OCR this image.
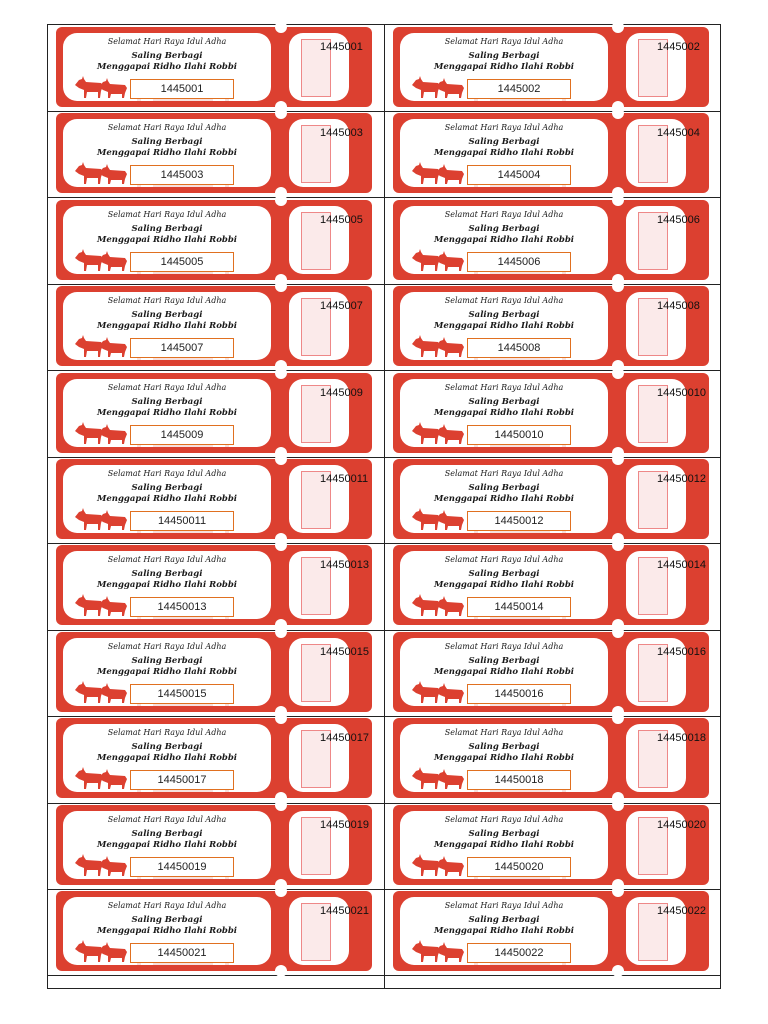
Selamat Hari Raya Idul Adha
Saling Berbagi
Menggapai Ridho Ilahi Robbi
1445001
1445001	Selamat Hari Raya Idul Adha
Saling Berbagi
Menggapai Ridho Ilahi Robbi
1445002
1445002
Selamat Hari Raya Idul Adha
Saling Berbagi
Menggapai Ridho Ilahi Robbi
1445003
1445003	Selamat Hari Raya Idul Adha
Saling Berbagi
Menggapai Ridho Ilahi Robbi
1445004
1445004
Selamat Hari Raya Idul Adha
Saling Berbagi
Menggapai Ridho Ilahi Robbi
1445005
1445005	Selamat Hari Raya Idul Adha
Saling Berbagi
Menggapai Ridho Ilahi Robbi
1445006
1445006
Selamat Hari Raya Idul Adha
Saling Berbagi
Menggapai Ridho Ilahi Robbi
1445007
1445007	Selamat Hari Raya Idul Adha
Saling Berbagi
Menggapai Ridho Ilahi Robbi
1445008
1445008
Selamat Hari Raya Idul Adha
Saling Berbagi
Menggapai Ridho Ilahi Robbi
1445009
1445009	Selamat Hari Raya Idul Adha
Saling Berbagi
Menggapai Ridho Ilahi Robbi
14450010
14450010
Selamat Hari Raya Idul Adha
Saling Berbagi
Menggapai Ridho Ilahi Robbi
14450011
14450011	Selamat Hari Raya Idul Adha
Saling Berbagi
Menggapai Ridho Ilahi Robbi
14450012
14450012
Selamat Hari Raya Idul Adha
Saling Berbagi
Menggapai Ridho Ilahi Robbi
14450013
14450013	Selamat Hari Raya Idul Adha
Saling Berbagi
Menggapai Ridho Ilahi Robbi
14450014
14450014
Selamat Hari Raya Idul Adha
Saling Berbagi
Menggapai Ridho Ilahi Robbi
14450015
14450015	Selamat Hari Raya Idul Adha
Saling Berbagi
Menggapai Ridho Ilahi Robbi
14450016
14450016
Selamat Hari Raya Idul Adha
Saling Berbagi
Menggapai Ridho Ilahi Robbi
14450017
14450017	Selamat Hari Raya Idul Adha
Saling Berbagi
Menggapai Ridho Ilahi Robbi
14450018
14450018
Selamat Hari Raya Idul Adha
Saling Berbagi
Menggapai Ridho Ilahi Robbi
14450019
14450019	Selamat Hari Raya Idul Adha
Saling Berbagi
Menggapai Ridho Ilahi Robbi
14450020
14450020
Selamat Hari Raya Idul Adha
Saling Berbagi
Menggapai Ridho Ilahi Robbi
14450021
14450021	Selamat Hari Raya Idul Adha
Saling Berbagi
Menggapai Ridho Ilahi Robbi
14450022
14450022
